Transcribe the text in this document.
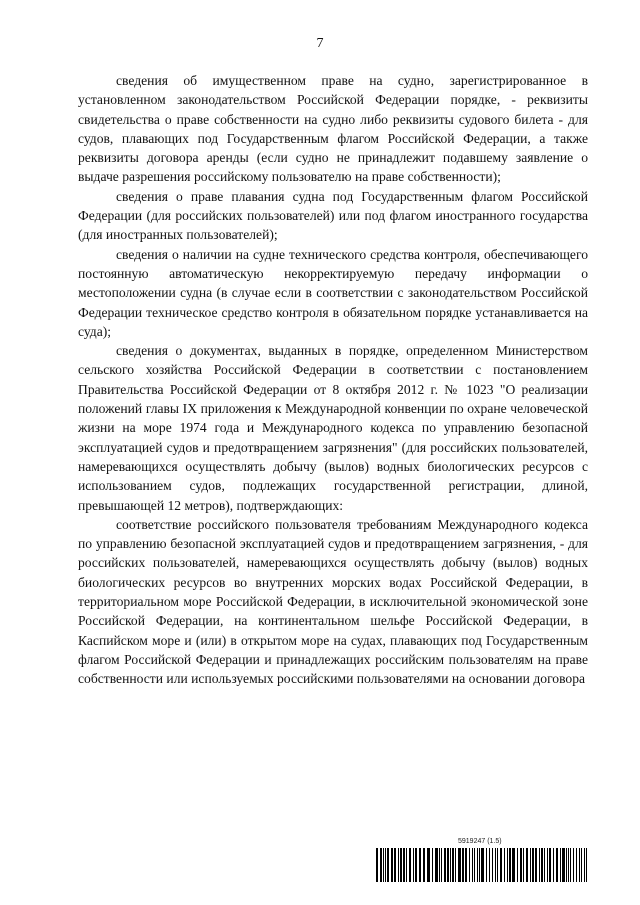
7

сведения об имущественном праве на судно, зарегистрированное в установленном законодательством Российской Федерации порядке, - реквизиты свидетельства о праве собственности на судно либо реквизиты судового билета - для судов, плавающих под Государственным флагом Российской Федерации, а также реквизиты договора аренды (если судно не принадлежит подавшему заявление о выдаче разрешения российскому пользователю на праве собственности);

сведения о праве плавания судна под Государственным флагом Российской Федерации (для российских пользователей) или под флагом иностранного государства (для иностранных пользователей);

сведения о наличии на судне технического средства контроля, обеспечивающего постоянную автоматическую некорректируемую передачу информации о местоположении судна (в случае если в соответствии с законодательством Российской Федерации техническое средство контроля в обязательном порядке устанавливается на суда);

сведения о документах, выданных в порядке, определенном Министерством сельского хозяйства Российской Федерации в соответствии с постановлением Правительства Российской Федерации от 8 октября 2012 г. № 1023 "О реализации положений главы IX приложения к Международной конвенции по охране человеческой жизни на море 1974 года и Международного кодекса по управлению безопасной эксплуатацией судов и предотвращением загрязнения" (для российских пользователей, намеревающихся осуществлять добычу (вылов) водных биологических ресурсов с использованием судов, подлежащих государственной регистрации, длиной, превышающей 12 метров), подтверждающих:

соответствие российского пользователя требованиям Международного кодекса по управлению безопасной эксплуатацией судов и предотвращением загрязнения, - для российских пользователей, намеревающихся осуществлять добычу (вылов) водных биологических ресурсов во внутренних морских водах Российской Федерации, в территориальном море Российской Федерации, в исключительной экономической зоне Российской Федерации, на континентальном шельфе Российской Федерации, в Каспийском море и (или) в открытом море на судах, плавающих под Государственным флагом Российской Федерации и принадлежащих российским пользователям на праве собственности или используемых российскими пользователями на основании договора

5919247 (1.5)
